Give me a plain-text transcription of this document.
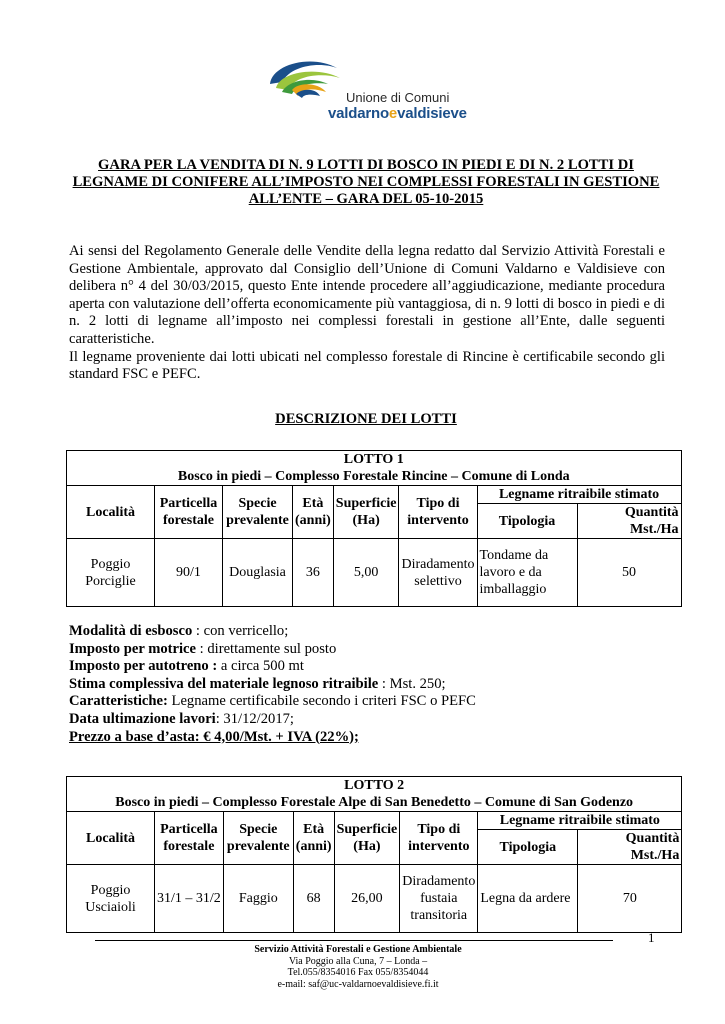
Unione di Comuni
valdarnoevaldisieve
GARA PER LA VENDITA DI N. 9 LOTTI DI BOSCO IN PIEDI E DI N. 2 LOTTI DI
LEGNAME DI CONIFERE ALL’IMPOSTO NEI COMPLESSI FORESTALI IN GESTIONE
ALL’ENTE – GARA DEL 05-10-2015

Ai sensi del Regolamento Generale delle Vendite della legna redatto dal Servizio Attività Forestali e Gestione Ambientale, approvato dal Consiglio dell’Unione di Comuni Valdarno e Valdisieve con delibera n° 4 del 30/03/2015, questo Ente intende procedere all’aggiudicazione, mediante procedura aperta con valutazione dell’offerta economicamente più vantaggiosa, di n. 9 lotti di bosco in piedi e di n. 2 lotti di legname all’imposto nei complessi forestali in gestione all’Ente, dalle seguenti caratteristiche.

Il legname proveniente dai lotti ubicati nel complesso forestale di Rincine è certificabile secondo gli standard FSC e PEFC.

DESCRIZIONE DEI LOTTI
LOTTO 1
Bosco in piedi – Complesso Forestale Rincine – Comune di Londa							

Località	Particella forestale	Specie prevalente	Età (anni)	Superficie (Ha)	Tipo di intervento	Legname ritraibile stimato	
						Tipologia	Quantità Mst./Ha
Poggio Porciglie	90/1	Douglasia	36	5,00	Diradamento selettivo	Tondame da lavoro e da imballaggio	50
Modalità di esbosco : con verricello;
Imposto per motrice : direttamente sul posto
Imposto per autotreno : a circa 500 mt
Stima complessiva del materiale legnoso ritraibile : Mst. 250;
Caratteristiche: Legname certificabile secondo i criteri FSC o PEFC
Data ultimazione lavori: 31/12/2017;
Prezzo a base d’asta: € 4,00/Mst. + IVA (22%);
LOTTO 2
Bosco in piedi – Complesso Forestale Alpe di San Benedetto – Comune di San Godenzo							

Località	Particella forestale	Specie prevalente	Età (anni)	Superficie (Ha)	Tipo di intervento	Legname ritraibile stimato	
						Tipologia	Quantità Mst./Ha
Poggio Usciaioli	31/1 – 31/2	Faggio	68	26,00	Diradamento fustaia transitoria	Legna da ardere	70
1
Servizio Attività Forestali e Gestione Ambientale
Via Poggio alla Cuna, 7 – Londa –
Tel.055/8354016 Fax 055/8354044
e-mail: saf@uc-valdarnoevaldisieve.fi.it
